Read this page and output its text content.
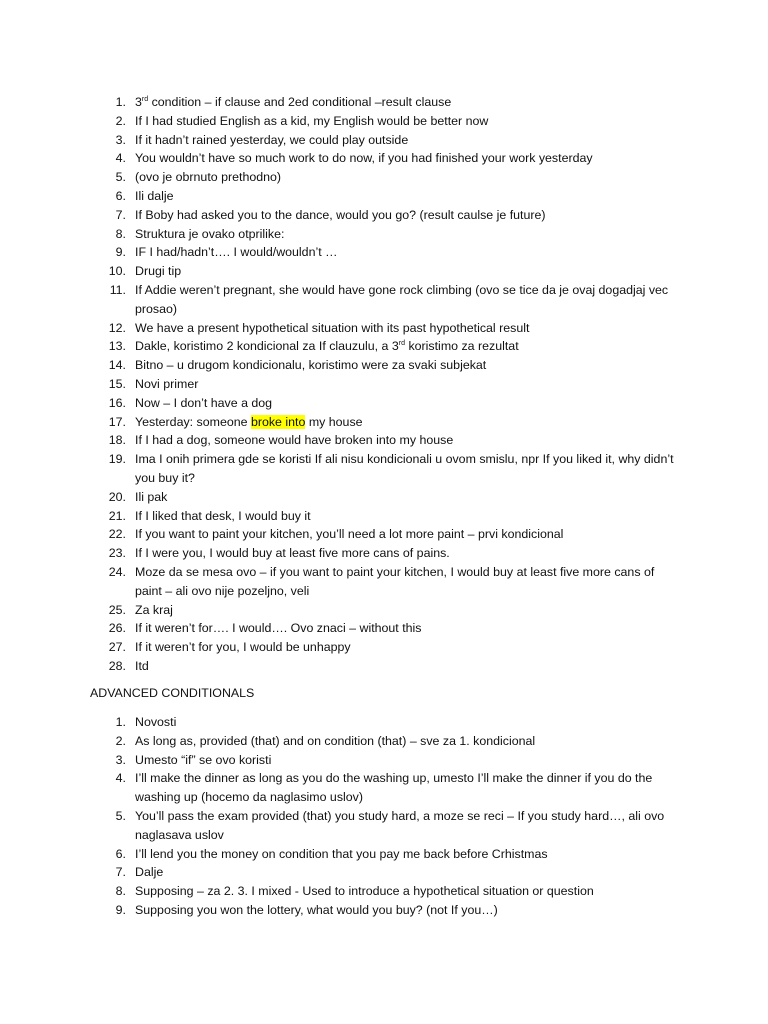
1. 3rd condition – if clause and 2ed conditional –result clause
2. If I had studied English as a kid, my English would be better now
3. If it hadn’t rained yesterday, we could play outside
4. You wouldn’t have so much work to do now, if you had finished your work yesterday
5. (ovo je obrnuto prethodno)
6. Ili dalje
7. If Boby had asked you to the dance, would you go? (result caulse je future)
8. Struktura je ovako otprilike:
9. IF I had/hadn’t…. I would/wouldn’t …
10. Drugi tip
11. If Addie weren’t pregnant, she would have gone rock climbing (ovo se tice da je ovaj dogadjaj vec prosao)
12. We have a present hypothetical situation with its past hypothetical result
13. Dakle, koristimo 2 kondicional za If clauzulu, a 3rd koristimo za rezultat
14. Bitno – u drugom kondicionalu, koristimo were za svaki subjekat
15. Novi primer
16. Now – I don’t have a dog
17. Yesterday: someone broke into my house
18. If I had a dog, someone would have broken into my house
19. Ima I onih primera gde se koristi If ali nisu kondicionali u ovom smislu, npr If you liked it, why didn’t you buy it?
20. Ili pak
21. If I liked that desk, I would buy it
22. If you want to paint your kitchen, you’ll need a lot more paint – prvi kondicional
23. If I were you, I would buy at least five more cans of pains.
24. Moze da se mesa ovo – if you want to paint your kitchen, I would buy at least five more cans of paint – ali ovo nije pozeljno, veli
25. Za kraj
26. If it weren’t for…. I would…. Ovo znaci – without this
27. If it weren’t for you, I would be unhappy
28. Itd
ADVANCED CONDITIONALS
1. Novosti
2. As long as, provided (that) and on condition (that) – sve za 1. kondicional
3. Umesto “if” se ovo koristi
4. I’ll make the dinner as long as you do the washing up, umesto I’ll make the dinner if you do the washing up (hocemo da naglasimo uslov)
5. You’ll pass the exam provided (that) you study hard, a moze se reci – If you study hard…, ali ovo naglasava uslov
6. I’ll lend you the money on condition that you pay me back before Crhistmas
7. Dalje
8. Supposing – za 2. 3. I mixed - Used to introduce a hypothetical situation or question
9. Supposing you won the lottery, what would you buy? (not If you…)
